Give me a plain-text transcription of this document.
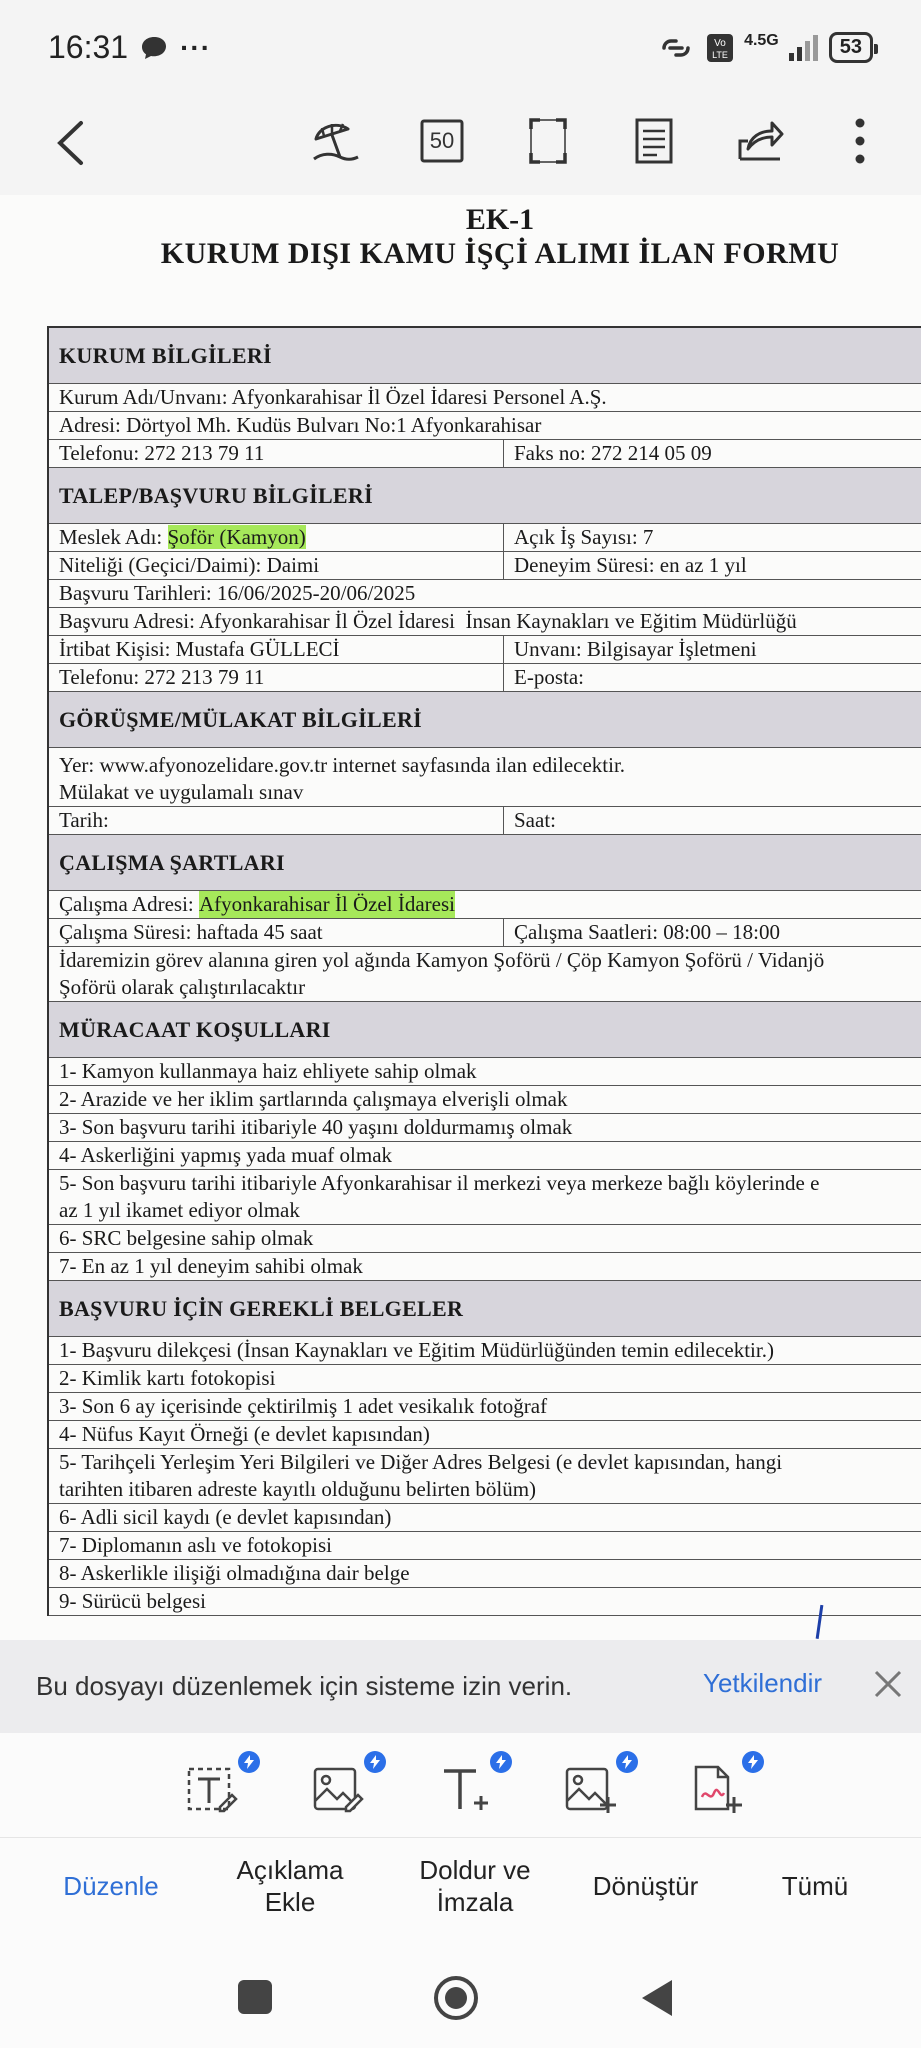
16:31 ···	Vo
LTE
4.5G	53
50
EK-1
KURUM DIŞI KAMU İŞÇİ ALIMI İLAN FORMU
KURUM BİLGİLERİ
Kurum Adı/Unvanı: Afyonkarahisar İl Özel İdaresi Personel A.Ş.
Adresi: Dörtyol Mh. Kudüs Bulvarı No:1 Afyonkarahisar
Telefonu: 272 213 79 11	Faks no: 272 214 05 09
TALEP/BAŞVURU BİLGİLERİ
Meslek Adı: Şoför (Kamyon)	Açık İş Sayısı: 7
Niteliği (Geçici/Daimi): Daimi	Deneyim Süresi: en az 1 yıl
Başvuru Tarihleri: 16/06/2025-20/06/2025
Başvuru Adresi: Afyonkarahisar İl Özel İdaresi  İnsan Kaynakları ve Eğitim Müdürlüğü
İrtibat Kişisi: Mustafa GÜLLECİ	Unvanı: Bilgisayar İşletmeni
Telefonu: 272 213 79 11	E-posta:
GÖRÜŞME/MÜLAKAT BİLGİLERİ
Yer: www.afyonozelidare.gov.tr internet sayfasında ilan edilecektir.
Mülakat ve uygulamalı sınav
Tarih:	Saat:
ÇALIŞMA ŞARTLARI
Çalışma Adresi: Afyonkarahisar İl Özel İdaresi
Çalışma Süresi: haftada 45 saat	Çalışma Saatleri: 08:00 – 18:00
İdaremizin görev alanına giren yol ağında Kamyon Şoförü / Çöp Kamyon Şoförü / Vidanjö
Şoförü olarak çalıştırılacaktır
MÜRACAAT KOŞULLARI
1- Kamyon kullanmaya haiz ehliyete sahip olmak
2- Arazide ve her iklim şartlarında çalışmaya elverişli olmak
3- Son başvuru tarihi itibariyle 40 yaşını doldurmamış olmak
4- Askerliğini yapmış yada muaf olmak
5- Son başvuru tarihi itibariyle Afyonkarahisar il merkezi veya merkeze bağlı köylerinde e
az 1 yıl ikamet ediyor olmak
6- SRC belgesine sahip olmak
7- En az 1 yıl deneyim sahibi olmak
BAŞVURU İÇİN GEREKLİ BELGELER
1- Başvuru dilekçesi (İnsan Kaynakları ve Eğitim Müdürlüğünden temin edilecektir.)
2- Kimlik kartı fotokopisi
3- Son 6 ay içerisinde çektirilmiş 1 adet vesikalık fotoğraf
4- Nüfus Kayıt Örneği (e devlet kapısından)
5- Tarihçeli Yerleşim Yeri Bilgileri ve Diğer Adres Belgesi (e devlet kapısından, hangi
tarihten itibaren adreste kayıtlı olduğunu belirten bölüm)
6- Adli sicil kaydı (e devlet kapısından)
7- Diplomanın aslı ve fotokopisi
8- Askerlikle ilişiği olmadığına dair belge
9- Sürücü belgesi
Bu dosyayı düzenlemek için sisteme izin verin.	Yetkilendir
Düzenle
Açıklama
Ekle
Doldur ve
İmzala
Dönüştür	Tümü
